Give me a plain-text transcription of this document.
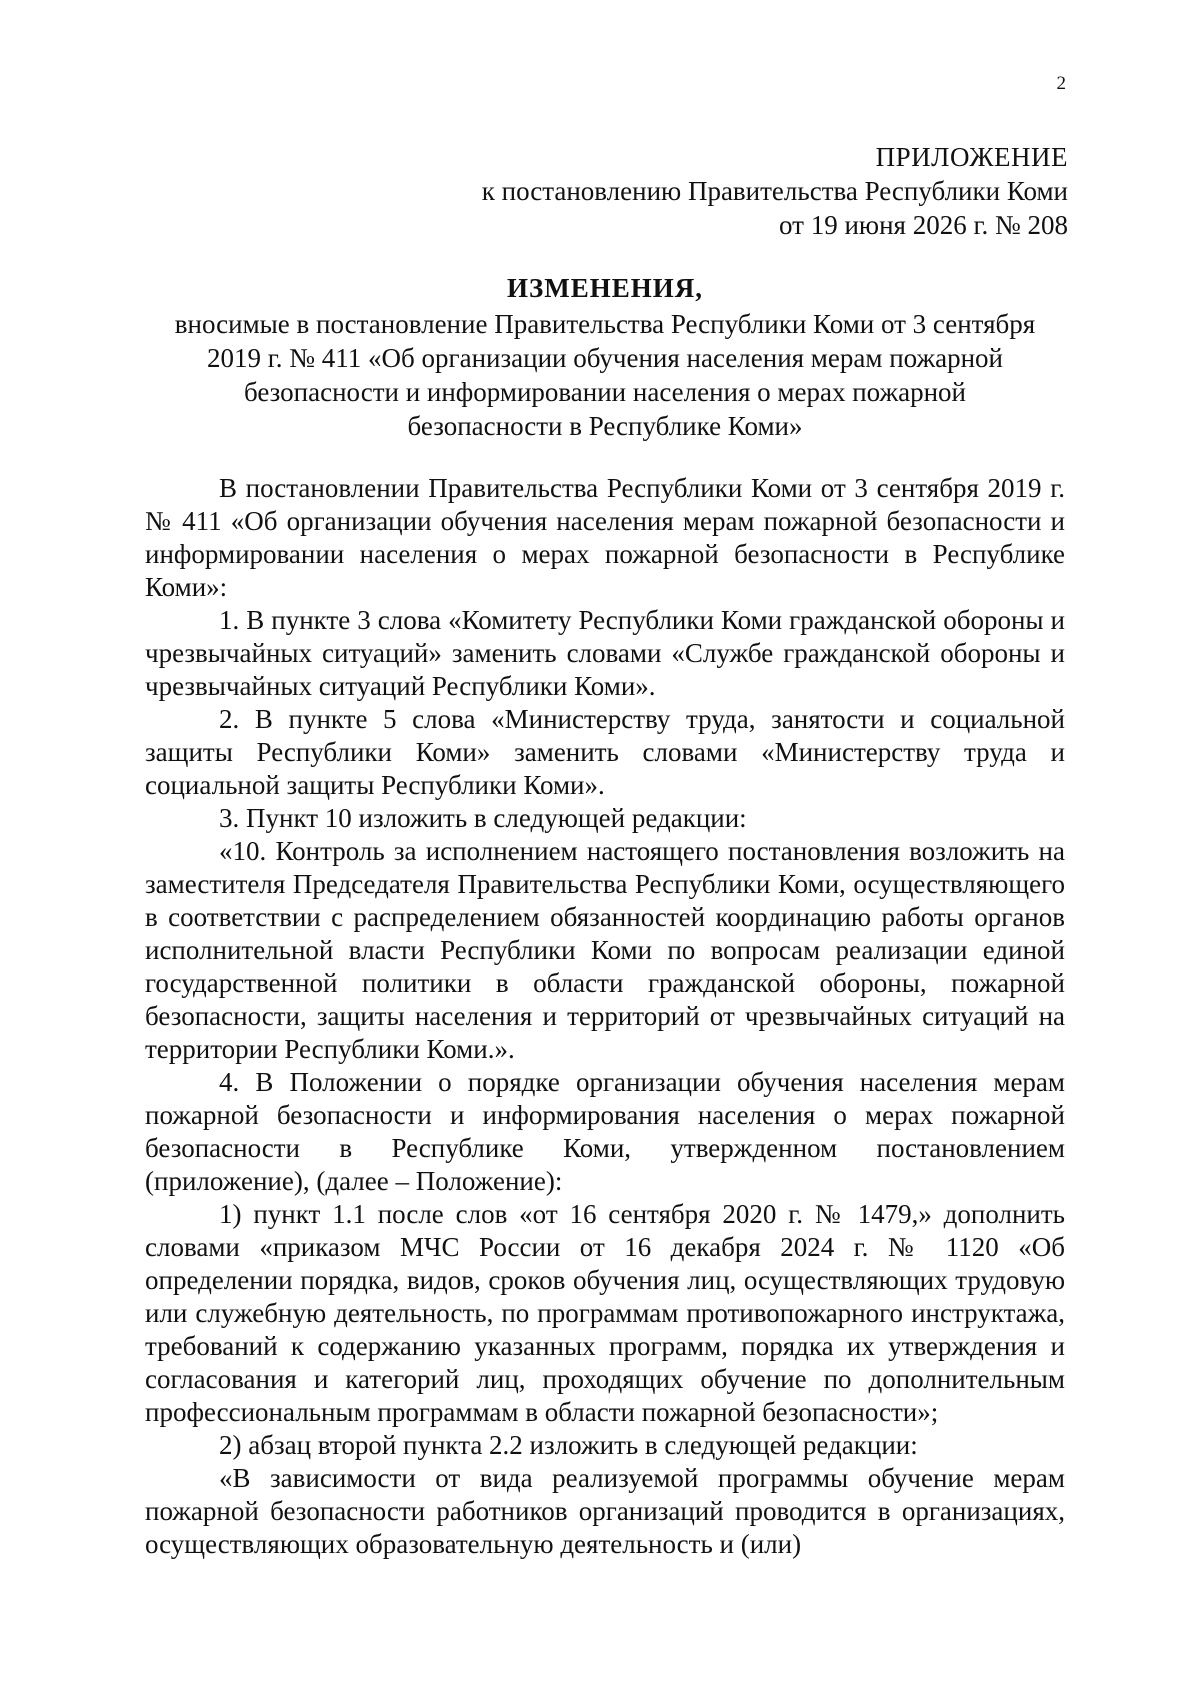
2
ПРИЛОЖЕНИЕ
к постановлению Правительства Республики Коми
от 19 июня 2026 г. № 208
ИЗМЕНЕНИЯ,
вносимые в постановление Правительства Республики Коми от 3 сентября
2019 г. № 411 «Об организации обучения населения мерам пожарной
безопасности и информировании населения о мерах пожарной
безопасности в Республике Коми»

В постановлении Правительства Республики Коми от 3 сентября 2019 г. № 411 «Об организации обучения населения мерам пожарной безопасности и информировании населения о мерах пожарной безопасности в Республике Коми»:

1. В пункте 3 слова «Комитету Республики Коми гражданской обороны и чрезвычайных ситуаций» заменить словами «Службе гражданской обороны и чрезвычайных ситуаций Республики Коми».

2. В пункте 5 слова «Министерству труда, занятости и социальной защиты Республики Коми» заменить словами «Министерству труда и социальной защиты Республики Коми».

3. Пункт 10 изложить в следующей редакции:

«10. Контроль за исполнением настоящего постановления возложить на заместителя Председателя Правительства Республики Коми, осуществляющего в соответствии с распределением обязанностей координацию работы органов исполнительной власти Республики Коми по вопросам реализации единой государственной политики в области гражданской обороны, пожарной безопасности, защиты населения и территорий от чрезвычайных ситуаций на территории Республики Коми.».

4. В Положении о порядке организации обучения населения мерам пожарной безопасности и информирования населения о мерах пожарной безопасности в Республике Коми, утвержденном постановлением (приложение), (далее – Положение):

1) пункт 1.1 после слов «от 16 сентября 2020 г. № 1479,» дополнить словами «приказом МЧС России от 16 декабря 2024 г. № 1120 «Об определении порядка, видов, сроков обучения лиц, осуществляющих трудовую или служебную деятельность, по программам противопожарного инструктажа, требований к содержанию указанных программ, порядка их утверждения и согласования и категорий лиц, проходящих обучение по дополнительным профессиональным программам в области пожарной безопасности»;

2) абзац второй пункта 2.2 изложить в следующей редакции:

«В зависимости от вида реализуемой программы обучение мерам пожарной безопасности работников организаций проводится в организациях, осуществляющих образовательную деятельность и (или)
